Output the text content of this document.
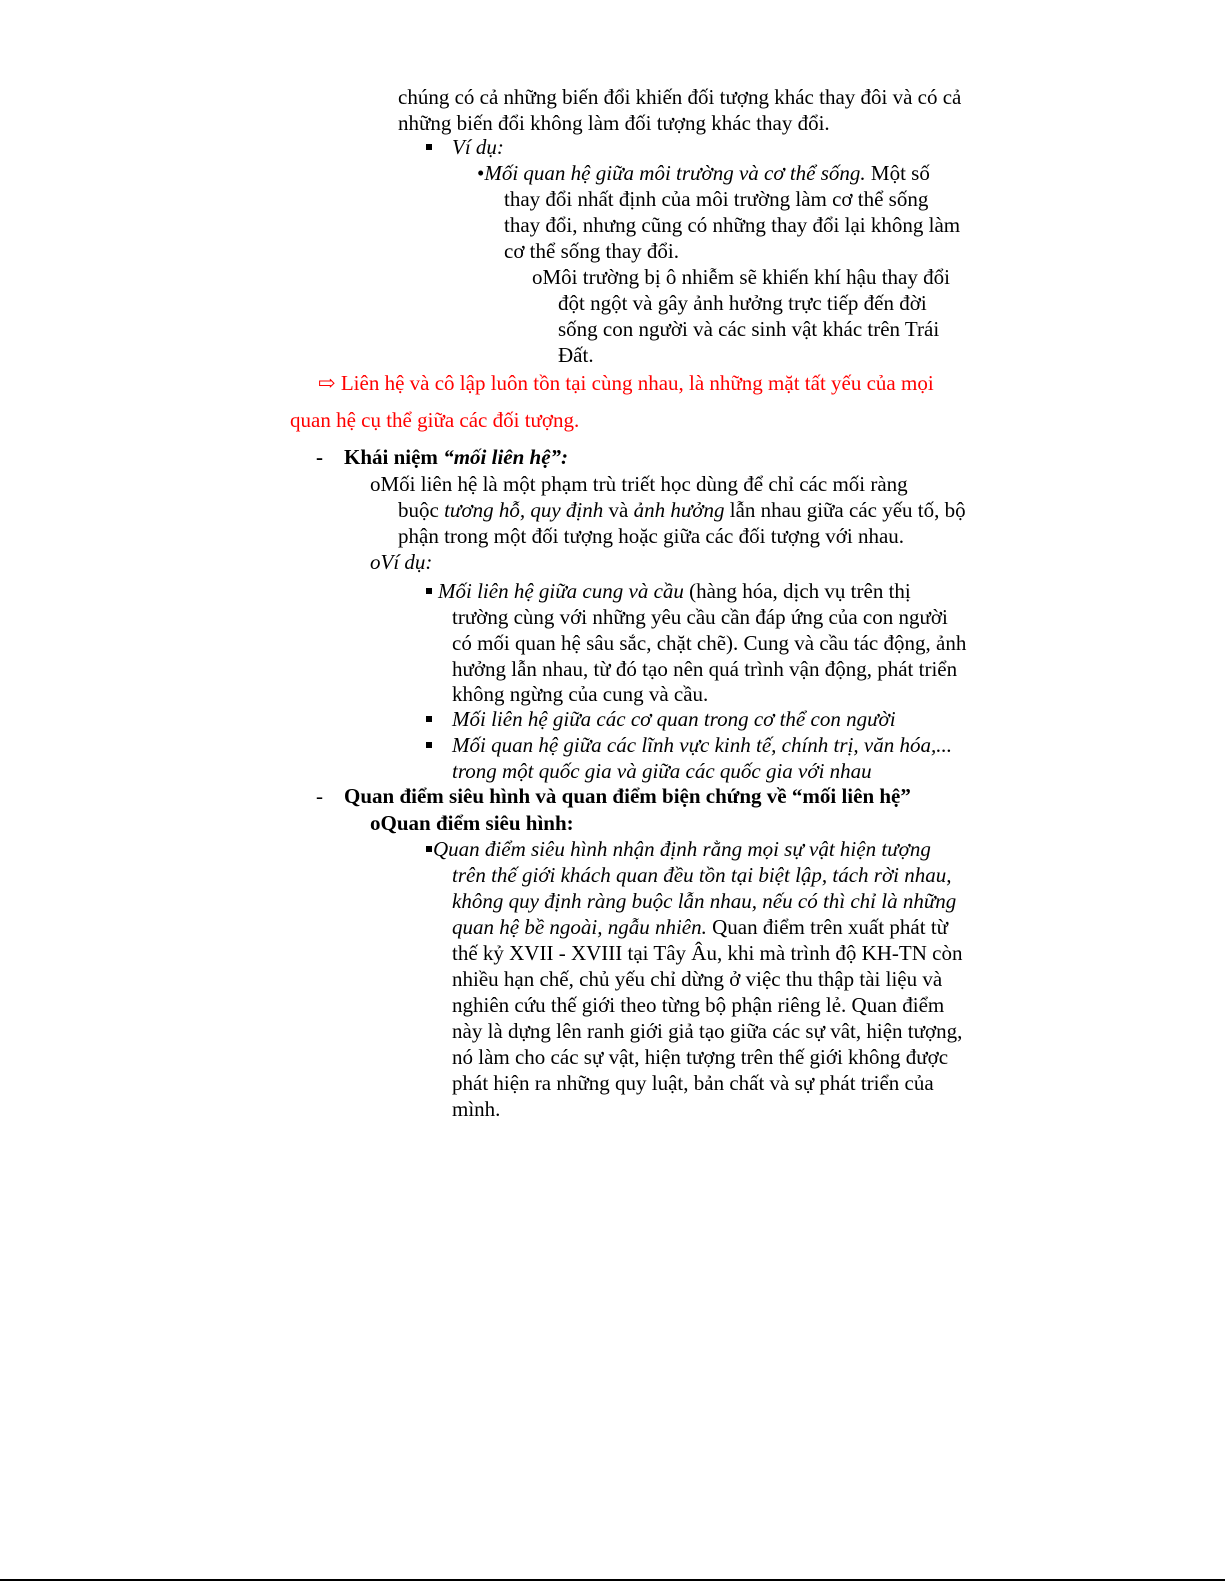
chúng có cả những biến đổi khiến đối tượng khác thay đôi và có cả
những biến đổi không làm đối tượng khác thay đổi.
Ví dụ:
•Mối quan hệ giữa môi trường và cơ thể sống. Một số
thay đổi nhất định của môi trường làm cơ thể sống
thay đổi, nhưng cũng có những thay đổi lại không làm
cơ thể sống thay đổi.
oMôi trường bị ô nhiễm sẽ khiến khí hậu thay đổi
đột ngột và gây ảnh hưởng trực tiếp đến đời
sống con người và các sinh vật khác trên Trái
Đất.
⇨ Liên hệ và cô lập luôn tồn tại cùng nhau, là những mặt tất yếu của mọi
quan hệ cụ thể giữa các đối tượng.
- Khái niệm “mối liên hệ”:
oMối liên hệ là một phạm trù triết học dùng để chỉ các mối ràng
buộc tương hỗ, quy định và ảnh hưởng lẫn nhau giữa các yếu tố, bộ
phận trong một đối tượng hoặc giữa các đối tượng với nhau.
oVí dụ:
Mối liên hệ giữa cung và cầu (hàng hóa, dịch vụ trên thị
trường cùng với những yêu cầu cần đáp ứng của con người
có mối quan hệ sâu sắc, chặt chẽ). Cung và cầu tác động, ảnh
hưởng lẫn nhau, từ đó tạo nên quá trình vận động, phát triển
không ngừng của cung và cầu.
Mối liên hệ giữa các cơ quan trong cơ thể con người
Mối quan hệ giữa các lĩnh vực kinh tế, chính trị, văn hóa,...
trong một quốc gia và giữa các quốc gia với nhau
- Quan điểm siêu hình và quan điểm biện chứng về “mối liên hệ”
oQuan điểm siêu hình:
Quan điểm siêu hình nhận định rằng mọi sự vật hiện tượng
trên thế giới khách quan đều tồn tại biệt lập, tách rời nhau,
không quy định ràng buộc lẫn nhau, nếu có thì chỉ là những
quan hệ bề ngoài, ngẫu nhiên. Quan điểm trên xuất phát từ
thế kỷ XVII - XVIII tại Tây Âu, khi mà trình độ KH-TN còn
nhiều hạn chế, chủ yếu chỉ dừng ở việc thu thập tài liệu và
nghiên cứu thế giới theo từng bộ phận riêng lẻ. Quan điểm
này là dựng lên ranh giới giả tạo giữa các sự vât, hiện tượng,
nó làm cho các sự vật, hiện tượng trên thế giới không được
phát hiện ra những quy luật, bản chất và sự phát triển của
mình.
